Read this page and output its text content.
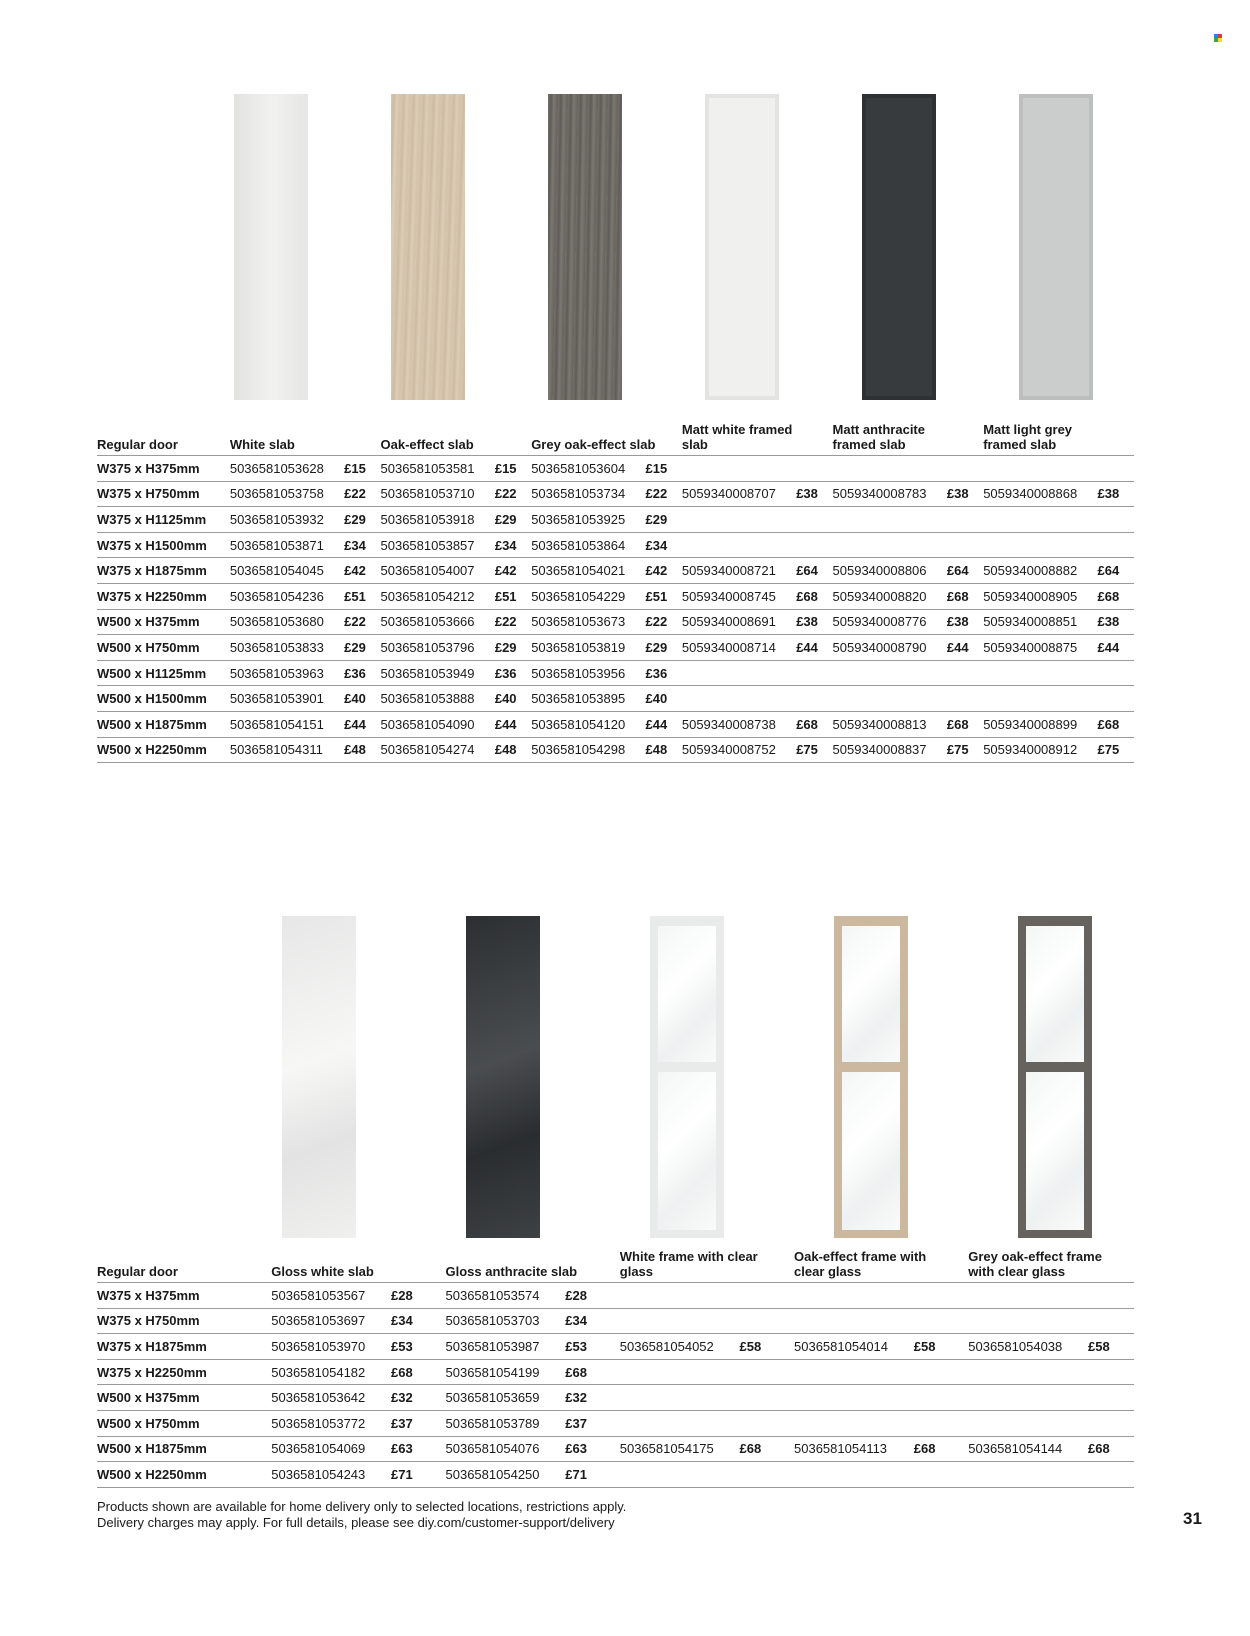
Regular door	White slab		Oak-effect slab		Grey oak-effect slab		Matt white framed slab		Matt anthracite framed slab		Matt light grey framed slab	
W375 x H375mm	5036581053628	£15	5036581053581	£15	5036581053604	£15						
W375 x H750mm	5036581053758	£22	5036581053710	£22	5036581053734	£22	5059340008707	£38	5059340008783	£38	5059340008868	£38
W375 x H1125mm	5036581053932	£29	5036581053918	£29	5036581053925	£29						
W375 x H1500mm	5036581053871	£34	5036581053857	£34	5036581053864	£34						
W375 x H1875mm	5036581054045	£42	5036581054007	£42	5036581054021	£42	5059340008721	£64	5059340008806	£64	5059340008882	£64
W375 x H2250mm	5036581054236	£51	5036581054212	£51	5036581054229	£51	5059340008745	£68	5059340008820	£68	5059340008905	£68
W500 x H375mm	5036581053680	£22	5036581053666	£22	5036581053673	£22	5059340008691	£38	5059340008776	£38	5059340008851	£38
W500 x H750mm	5036581053833	£29	5036581053796	£29	5036581053819	£29	5059340008714	£44	5059340008790	£44	5059340008875	£44
W500 x H1125mm	5036581053963	£36	5036581053949	£36	5036581053956	£36						
W500 x H1500mm	5036581053901	£40	5036581053888	£40	5036581053895	£40						
W500 x H1875mm	5036581054151	£44	5036581054090	£44	5036581054120	£44	5059340008738	£68	5059340008813	£68	5059340008899	£68
W500 x H2250mm	5036581054311	£48	5036581054274	£48	5036581054298	£48	5059340008752	£75	5059340008837	£75	5059340008912	£75
Regular door	Gloss white slab		Gloss anthracite slab		White frame with clear glass		Oak-effect frame with clear glass		Grey oak-effect frame with clear glass	
W375 x H375mm	5036581053567	£28	5036581053574	£28						
W375 x H750mm	5036581053697	£34	5036581053703	£34						
W375 x H1875mm	5036581053970	£53	5036581053987	£53	5036581054052	£58	5036581054014	£58	5036581054038	£58
W375 x H2250mm	5036581054182	£68	5036581054199	£68						
W500 x H375mm	5036581053642	£32	5036581053659	£32						
W500 x H750mm	5036581053772	£37	5036581053789	£37						
W500 x H1875mm	5036581054069	£63	5036581054076	£63	5036581054175	£68	5036581054113	£68	5036581054144	£68
W500 x H2250mm	5036581054243	£71	5036581054250	£71						
Products shown are available for home delivery only to selected locations, restrictions apply.
Delivery charges may apply. For full details, please see diy.com/customer-support/delivery	31
